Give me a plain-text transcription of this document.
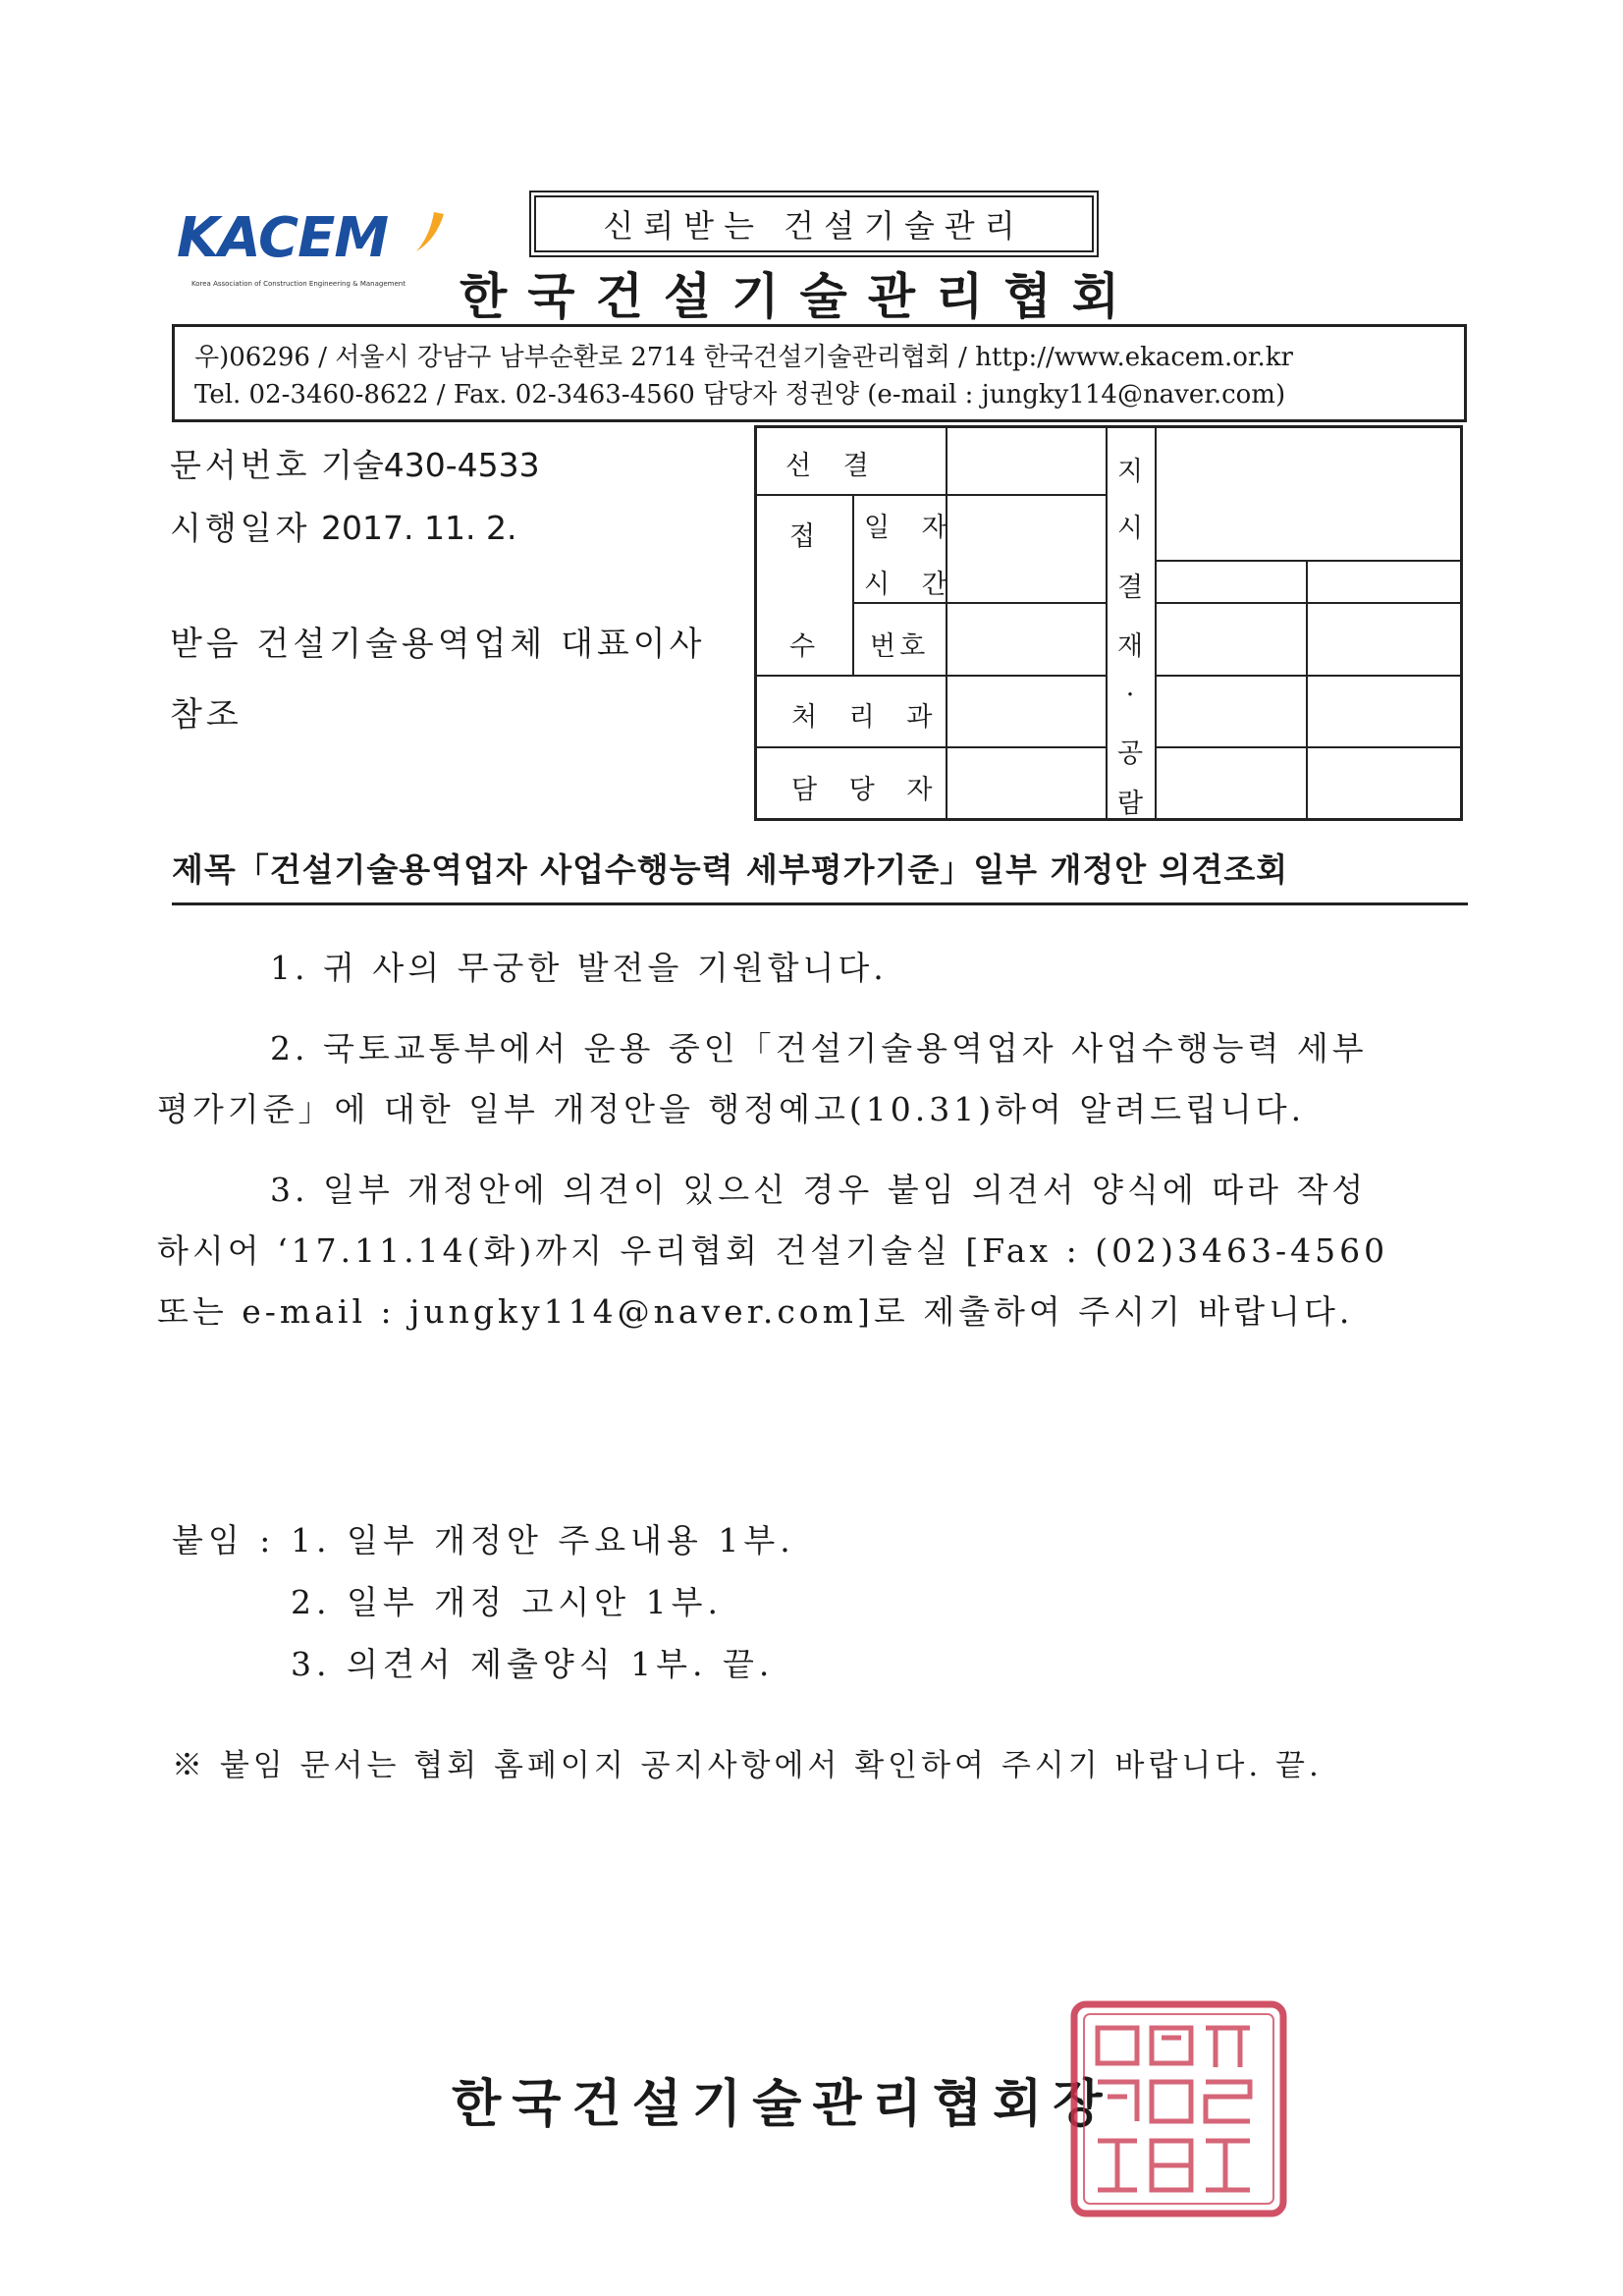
KACEM
Korea Association of Construction Engineering & Management
신뢰받는 건설기술관리
한국건설기술관리협회
우)06296 / 서울시 강남구 남부순환로 2714 한국건설기술관리협회 / http://www.ekacem.or.kr
Tel. 02-3460-8622 / Fax. 02-3463-4560 담당자 정권양 (e-mail : jungky114@naver.com)
문서번호 기술430-4533
시행일자 2017. 11. 2.
받음 건설기술용역업체 대표이사
참조
선 결
접
수
일 자
시 간
번호
처 리 과
담 당 자
지
시
결
재
·
공
람
제목「건설기술용역업자 사업수행능력 세부평가기준」일부 개정안 의견조회
1. 귀 사의 무궁한 발전을 기원합니다.
2. 국토교통부에서 운용 중인「건설기술용역업자 사업수행능력 세부
평가기준」에 대한 일부 개정안을 행정예고(10.31)하여 알려드립니다.
3. 일부 개정안에 의견이 있으신 경우 붙임 의견서 양식에 따라 작성
하시어 ‘17.11.14(화)까지 우리협회 건설기술실 [Fax : (02)3463-4560
또는 e-mail : jungky114@naver.com]로 제출하여 주시기 바랍니다.
붙임 : 1. 일부 개정안 주요내용 1부.
2. 일부 개정 고시안 1부.
3. 의견서 제출양식 1부. 끝.
※ 붙임 문서는 협회 홈페이지 공지사항에서 확인하여 주시기 바랍니다. 끝.
한국건설기술관리협회장
